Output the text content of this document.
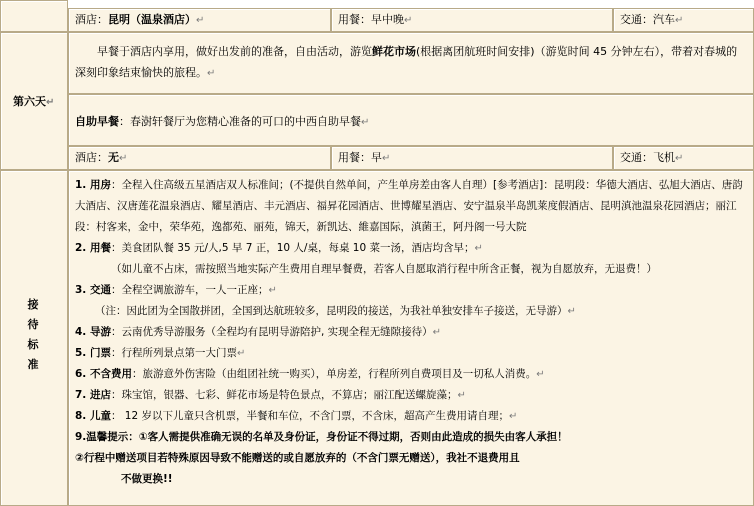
酒店：昆明（温泉酒店）↵	用餐：早中晚↵	交通：汽车↵
第六天↵
早餐于酒店内享用，做好出发前的准备，自由活动，游览鲜花市场(根据离团航班时间安排)（游览时间 45 分钟左右），带着对春城的深刻印象结束愉快的旅程。↵
自助早餐：春澍轩餐厅为您精心准备的可口的中西自助早餐↵
酒店：无↵	用餐：早↵	交通：飞机↵
接
待
标
准
1. 用房：全程入住高级五星酒店双人标准间；(不提供自然单间，产生单房差由客人自理）[参考酒店]：昆明段：华德大酒店、弘旭大酒店、唐韵大酒店、汉唐莲花温泉酒店、耀星酒店、丰元酒店、福昇花园酒店、世博耀星酒店、安宁温泉半岛凯莱度假酒店、昆明滇池温泉花园酒店；丽江段：村客来，金中，荣华苑，逸都苑、丽苑，锦天，新凯达、維嘉国际，滇菌王，阿丹阁一号大院
2. 用餐：美食团队餐 35 元/人,5 早 7 正，10 人/桌，每桌 10 菜一汤，酒店均含早；↵
（如儿童不占床，需按照当地实际产生费用自理早餐费，若客人自愿取消行程中所含正餐，视为自愿放弃，无退费！）
3. 交通：全程空调旅游车，一人一正座；↵
（注：因此团为全国散拼团，全国到达航班较多，昆明段的接送，为我社单独安排车子接送，无导游）↵
4. 导游：云南优秀导游服务（全程均有昆明导游陪护, 实现全程无缝隙接待）↵
5. 门票：行程所列景点第一大门票↵
6. 不含费用：旅游意外伤害险（由组团社统一购买），单房差，行程所列自费项目及一切私人消费。↵
7. 进店：珠宝馆，银器、七彩、鲜花市场是特色景点，不算店；丽江配送螺旋藻；↵
8. 儿童： 12 岁以下儿童只含机票，半餐和车位，不含门票，不含床，超高产生费用请自理；↵
9.温馨提示：①客人需提供准确无误的名单及身份证，身份证不得过期，否则由此造成的损失由客人承担！
②行程中赠送项目若特殊原因导致不能赠送的或自愿放弃的（不含门票无赠送），我社不退费用且
不做更换!!
